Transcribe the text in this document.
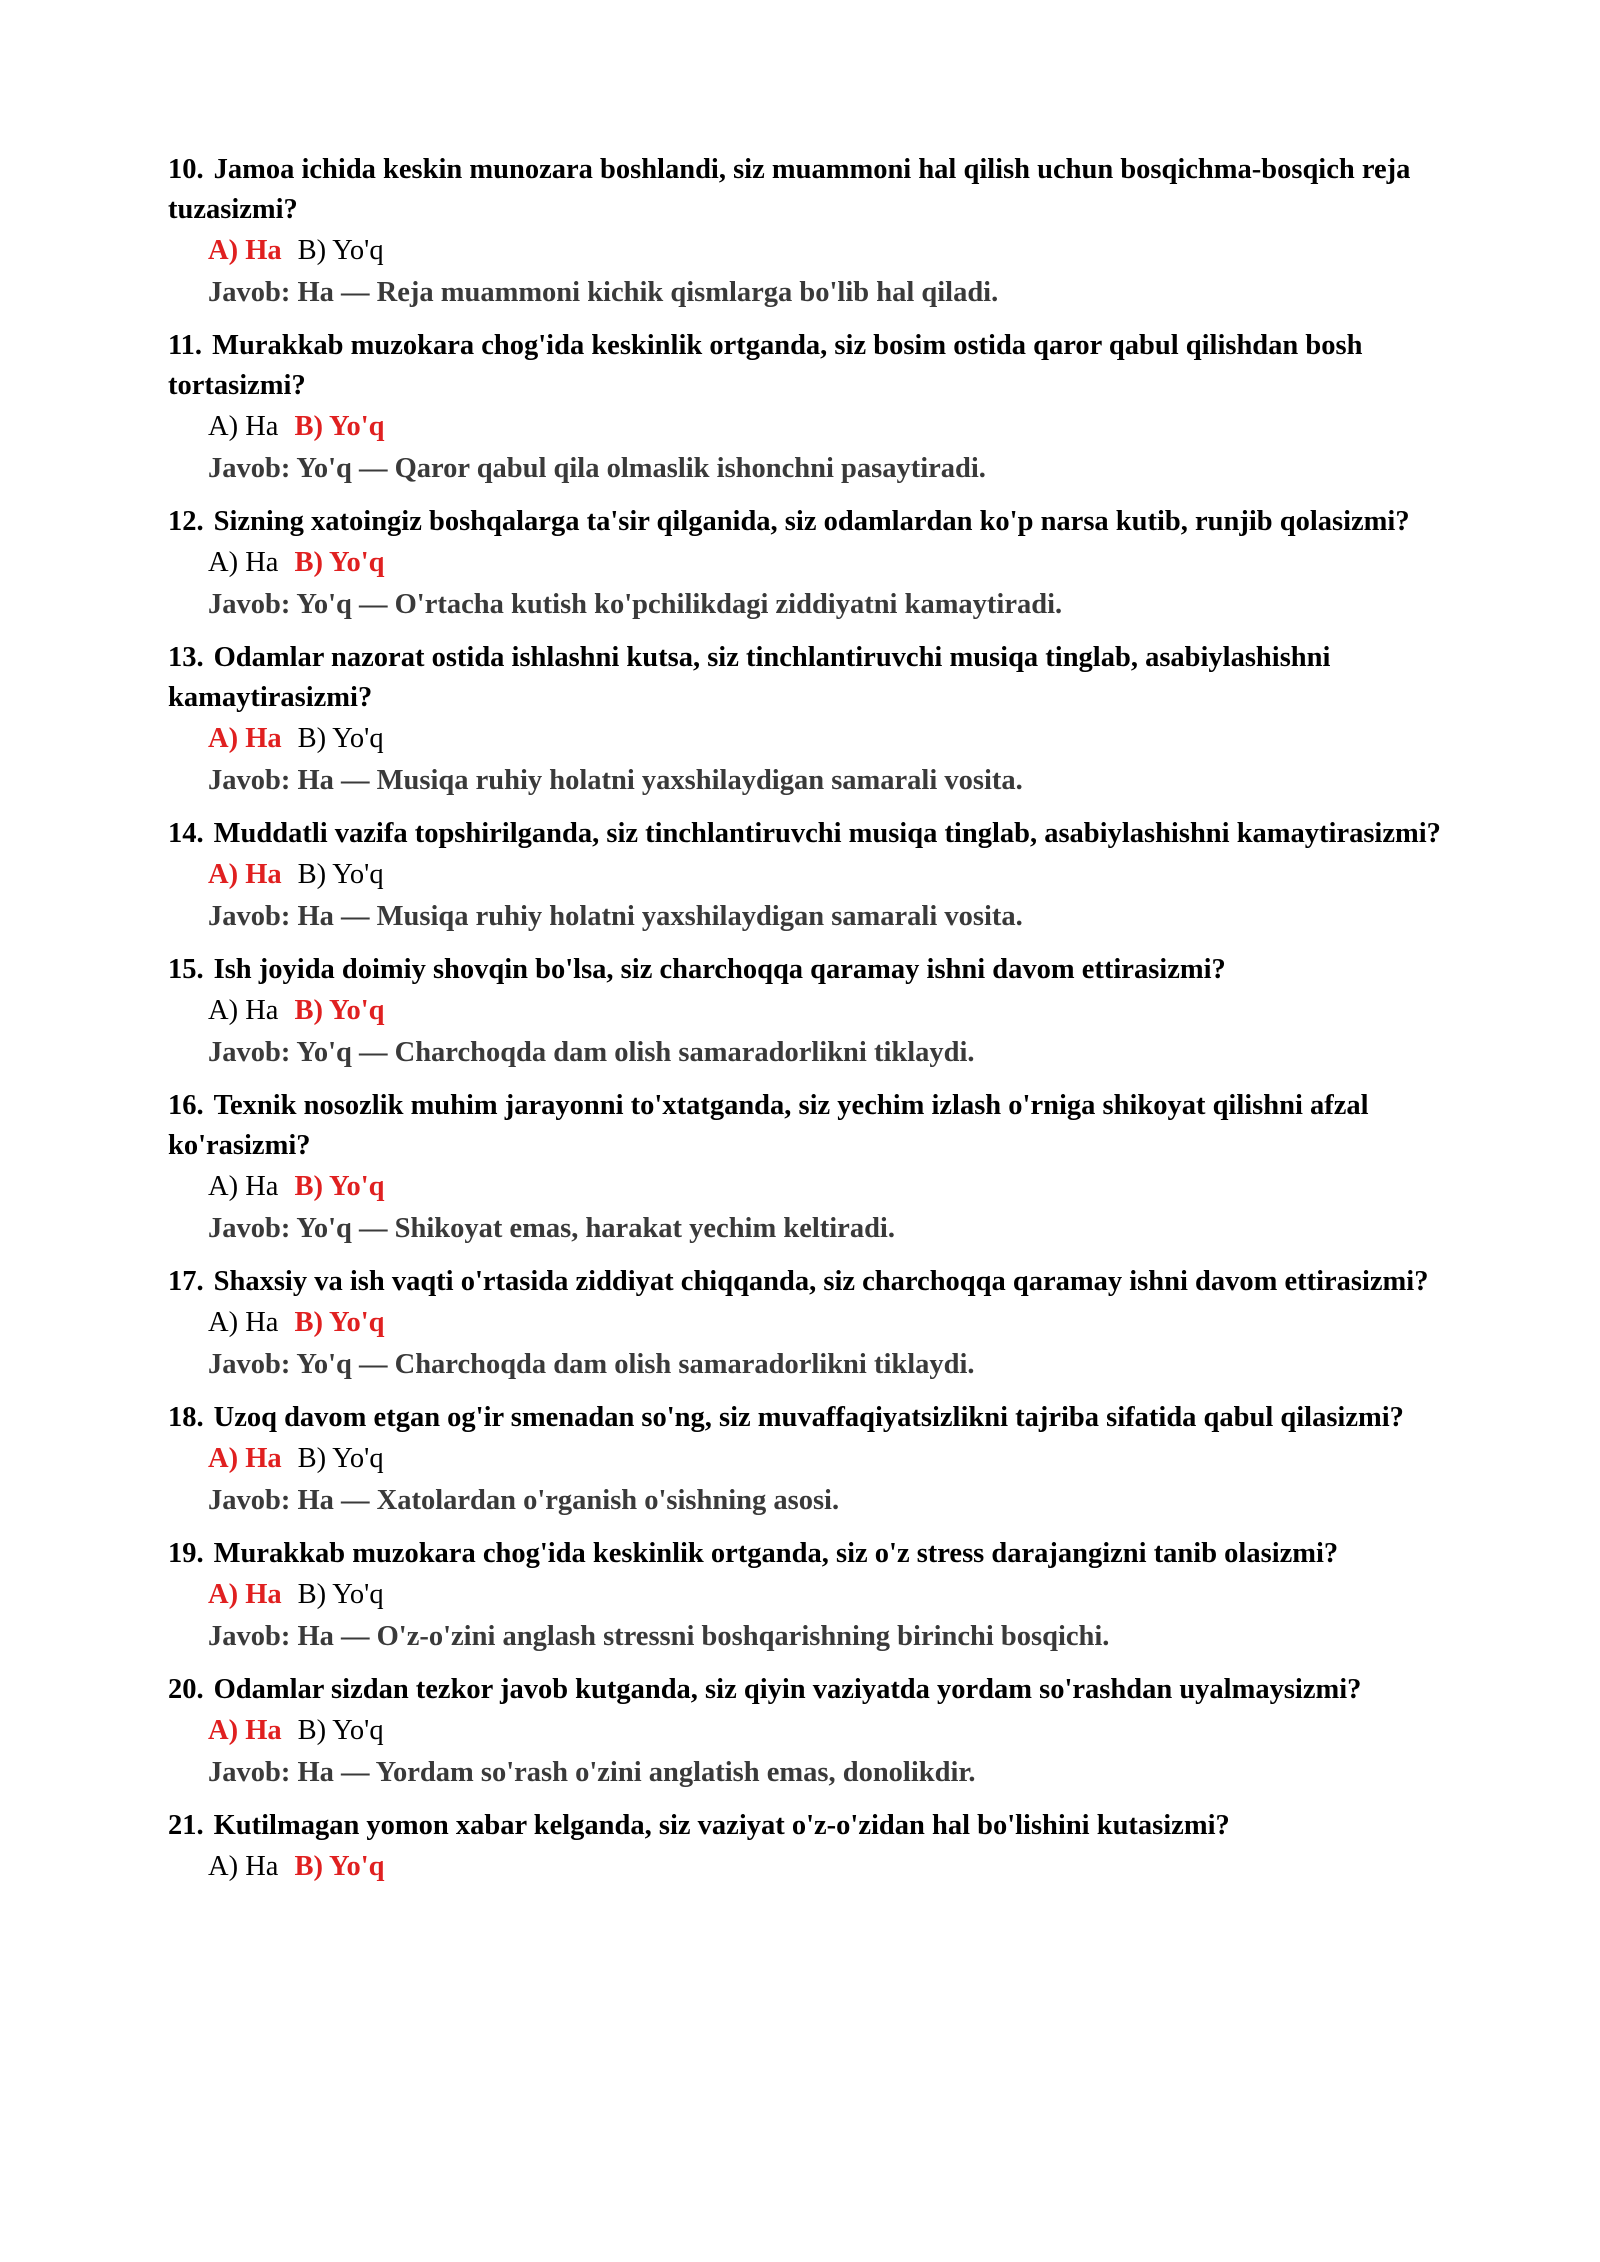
10. Jamoa ichida keskin munozara boshlandi, siz muammoni hal qilish uchun bosqichma-bosqich reja tuzasizmi?

A) Ha B) Yo'q
Javob: Ha — Reja muammoni kichik qismlarga bo'lib hal qiladi.

11. Murakkab muzokara chog'ida keskinlik ortganda, siz bosim ostida qaror qabul qilishdan bosh tortasizmi?

A) Ha B) Yo'q
Javob: Yo'q — Qaror qabul qila olmaslik ishonchni pasaytiradi.

12. Sizning xatoingiz boshqalarga ta'sir qilganida, siz odamlardan ko'p narsa kutib, runjib qolasizmi?

A) Ha B) Yo'q
Javob: Yo'q — O'rtacha kutish ko'pchilikdagi ziddiyatni kamaytiradi.

13. Odamlar nazorat ostida ishlashni kutsa, siz tinchlantiruvchi musiqa tinglab, asabiylashishni kamaytirasizmi?

A) Ha B) Yo'q
Javob: Ha — Musiqa ruhiy holatni yaxshilaydigan samarali vosita.

14. Muddatli vazifa topshirilganda, siz tinchlantiruvchi musiqa tinglab, asabiylashishni kamaytirasizmi?

A) Ha B) Yo'q
Javob: Ha — Musiqa ruhiy holatni yaxshilaydigan samarali vosita.

15. Ish joyida doimiy shovqin bo'lsa, siz charchoqqa qaramay ishni davom ettirasizmi?

A) Ha B) Yo'q
Javob: Yo'q — Charchoqda dam olish samaradorlikni tiklaydi.

16. Texnik nosozlik muhim jarayonni to'xtatganda, siz yechim izlash o'rniga shikoyat qilishni afzal ko'rasizmi?

A) Ha B) Yo'q
Javob: Yo'q — Shikoyat emas, harakat yechim keltiradi.

17. Shaxsiy va ish vaqti o'rtasida ziddiyat chiqqanda, siz charchoqqa qaramay ishni davom ettirasizmi?

A) Ha B) Yo'q
Javob: Yo'q — Charchoqda dam olish samaradorlikni tiklaydi.

18. Uzoq davom etgan og'ir smenadan so'ng, siz muvaffaqiyatsizlikni tajriba sifatida qabul qilasizmi?

A) Ha B) Yo'q
Javob: Ha — Xatolardan o'rganish o'sishning asosi.

19. Murakkab muzokara chog'ida keskinlik ortganda, siz o'z stress darajangizni tanib olasizmi?

A) Ha B) Yo'q
Javob: Ha — O'z-o'zini anglash stressni boshqarishning birinchi bosqichi.

20. Odamlar sizdan tezkor javob kutganda, siz qiyin vaziyatda yordam so'rashdan uyalmaysizmi?

A) Ha B) Yo'q
Javob: Ha — Yordam so'rash o'zini anglatish emas, donolikdir.

21. Kutilmagan yomon xabar kelganda, siz vaziyat o'z-o'zidan hal bo'lishini kutasizmi?

A) Ha B) Yo'q
